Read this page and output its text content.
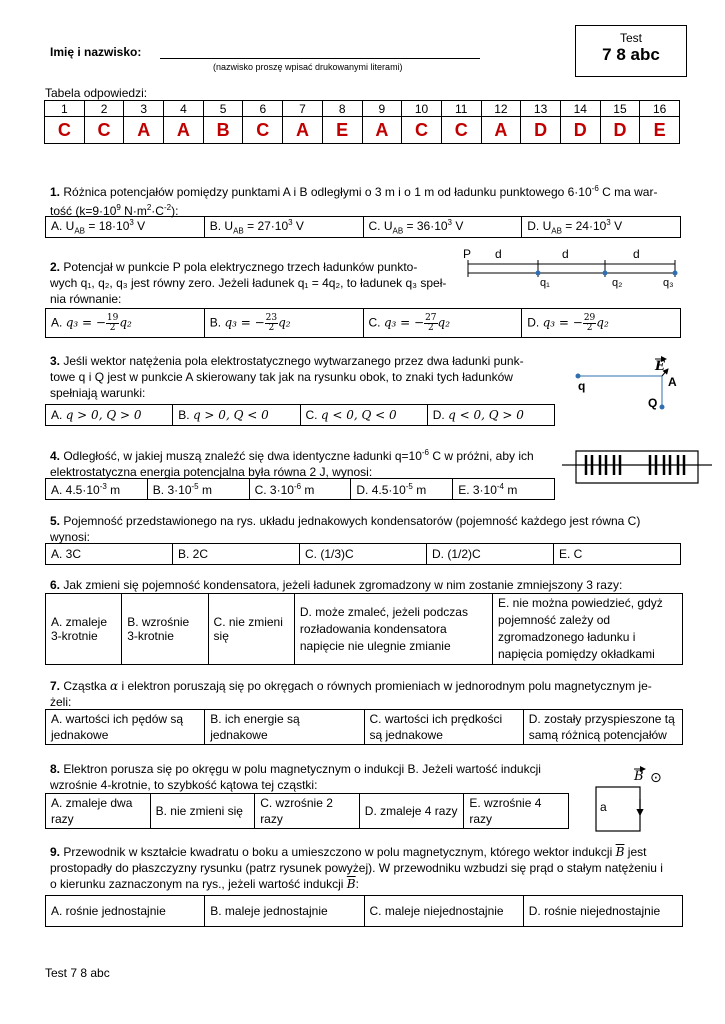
Imię i nazwisko:
(nazwisko proszę wpisać drukowanymi literami)
Test
7 8 abc
Tabela odpowiedzi:
1	2	3	4	5	6	7	8	9	10	11	12	13	14	15	16
C	C	A	A	B	C	A	E	A	C	C	A	D	D	D	E
1. Różnica potencjałów pomiędzy punktami A i B odległymi o 3 m i o 1 m od ładunku punktowego $6\cdot 10^{-6}$ C ma war-
tość ($k=9\cdot 10^9$ $N\cdot m^2\cdot C^{-2}$):
A. $U_{AB} = 18\cdot 10^3$ V	B. $U_{AB} = 27\cdot 10^3$ V	C. $U_{AB} = 36\cdot 10^3$ V	D. $U_{AB} = 24\cdot 10^3$ V
2. Potencjał w punkcie P pola elektrycznego trzech ładunków punkto-
wych q₁, q₂, q₃ jest równy zero. Jeżeli ładunek q₁ = 4q₂, to ładunek q₃ speł-
nia równanie:
P d	d	d
q₁	q₂	q₃
A. q₃ = − $\frac{19}{2} q_2$	B. q₃ = − $\frac{23}{2} q_2$	C. q₃ = − $\frac{27}{2} q_2$	D. q₃ = − $\frac{29}{2} q_2$
3. Jeśli wektor natężenia pola elektrostatycznego wytwarzanego przez dwa ładunki punk-
towe q i Q jest w punkcie A skierowany tak jak na rysunku obok, to znaki tych ładunków
spełniają warunki:
E
A
q
Q
A. q > 0, Q > 0	B. q > 0, Q < 0	C. q < 0, Q < 0	D. q < 0, Q > 0
4. Odległość, w jakiej muszą znaleźć się dwa identyczne ładunki $q=10^{-6}$ C w próżni, aby ich
elektrostatyczna energia potencjalna była równa 2 J, wynosi:
A. $4.5\cdot 10^{-3}$ m	B. $3\cdot 10^{-5}$ m	C. $3\cdot 10^{-6}$ m	D. $4.5\cdot 10^{-5}$ m	E. $3\cdot 10^{-4}$ m
5. Pojemność przedstawionego na rys. układu jednakowych kondensatorów (pojemność każdego jest równa C)
wynosi:
A. 3C	B. 2C	C. (1/3)C	D. (1/2)C	E. C
6. Jak zmieni się pojemność kondensatora, jeżeli ładunek zgromadzony w nim zostanie zmniejszony 3 razy:
A. zmaleje 3-krotnie	B. wzrośnie 3-krotnie	C. nie zmieni się	D. może zmaleć, jeżeli podczas rozładowania kondensatora napięcie nie ulegnie zmianie	E. nie można powiedzieć, gdyż pojemność zależy od zgromadzonego ładunku i napięcia pomiędzy okładkami
7. Cząstka α i elektron poruszają się po okręgach o równych promieniach w jednorodnym polu magnetycznym je-
żeli:
A. wartości ich pędów są jednakowe	B. ich energie są jednakowe	C. wartości ich prędkości są jednakowe	D. zostały przyspieszone tą samą różnicą potencjałów
8. Elektron porusza się po okręgu w polu magnetycznym o indukcji B. Jeżeli wartość indukcji
wzrośnie 4-krotnie, to szybkość kątowa tej cząstki:
B ⊙
a
A. zmaleje dwa razy	B. nie zmieni się	C. wzrośnie 2 razy	D. zmaleje 4 razy	E. wzrośnie 4 razy
9. Przewodnik w kształcie kwadratu o boku a umieszczono w polu magnetycznym, którego wektor indukcji $\overline{B}$ jest
prostopadły do płaszczyzny rysunku (patrz rysunek powyżej). W przewodniku wzbudzi się prąd o stałym natężeniu i
o kierunku zaznaczonym na rys., jeżeli wartość indukcji $\overline{B}$:
A. rośnie jednostajnie	B. maleje jednostajnie	C. maleje niejednostajnie	D. rośnie niejednostajnie
Test 7 8 abc
